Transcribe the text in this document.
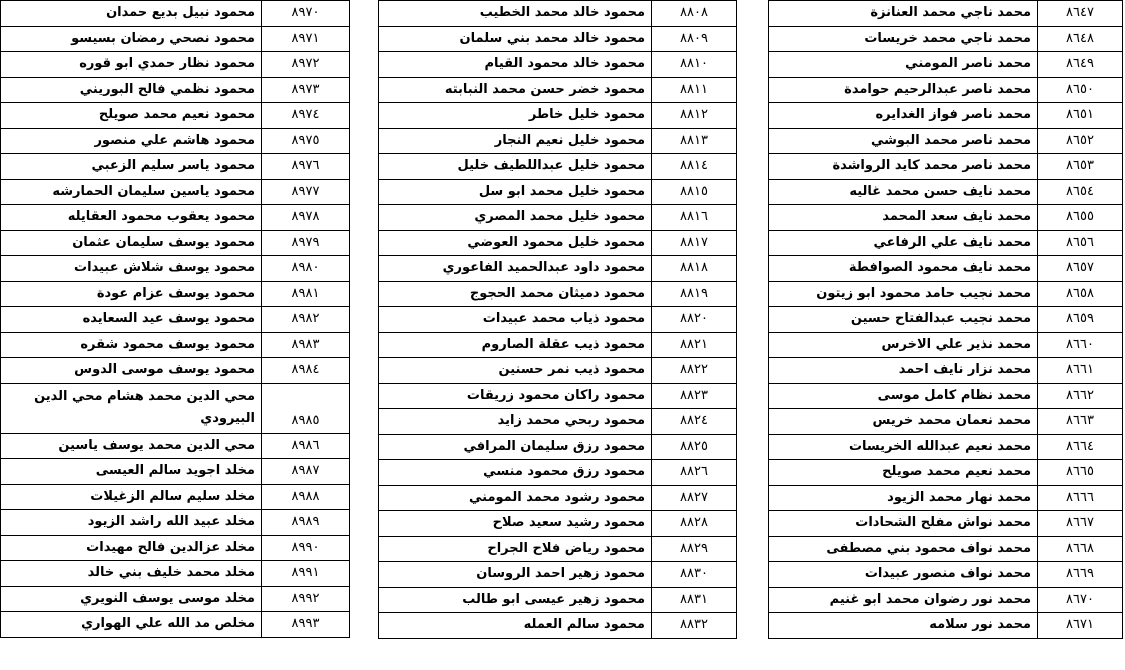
٨٦٤٧	محمد ناجي محمد العنانزة
٨٦٤٨	محمد ناجي محمد خريسات
٨٦٤٩	محمد ناصر المومني
٨٦٥٠	محمد ناصر عبدالرحيم حوامدة
٨٦٥١	محمد ناصر فواز الغدايره
٨٦٥٢	محمد ناصر محمد البوشي
٨٦٥٣	محمد ناصر محمد كايد الرواشدة
٨٦٥٤	محمد نايف حسن محمد غاليه
٨٦٥٥	محمد نايف سعد المحمد
٨٦٥٦	محمد نايف علي الرفاعي
٨٦٥٧	محمد نايف محمود الصوافطة
٨٦٥٨	محمد نجيب حامد محمود ابو زيتون
٨٦٥٩	محمد نجيب عبدالفتاح حسين
٨٦٦٠	محمد نذير علي الاخرس
٨٦٦١	محمد نزار نايف احمد
٨٦٦٢	محمد نظام كامل موسى
٨٦٦٣	محمد نعمان محمد خريس
٨٦٦٤	محمد نعيم عبدالله الخريسات
٨٦٦٥	محمد نعيم محمد صويلح
٨٦٦٦	محمد نهار محمد الزيود
٨٦٦٧	محمد نواش مفلح الشحادات
٨٦٦٨	محمد نواف محمود بني مصطفى
٨٦٦٩	محمد نواف منصور عبيدات
٨٦٧٠	محمد نور رضوان محمد ابو غنيم
٨٦٧١	محمد نور سلامه
٨٨٠٨	محمود خالد محمد الخطيب
٨٨٠٩	محمود خالد محمد بني سلمان
٨٨١٠	محمود خالد محمود القيام
٨٨١١	محمود خضر حسن محمد النبابته
٨٨١٢	محمود خليل خاطر
٨٨١٣	محمود خليل نعيم النجار
٨٨١٤	محمود خليل عبداللطيف خليل
٨٨١٥	محمود خليل محمد ابو سل
٨٨١٦	محمود خليل محمد المصري
٨٨١٧	محمود خليل محمود العوضي
٨٨١٨	محمود داود عبدالحميد الفاعوري
٨٨١٩	محمود دميثان محمد الحجوج
٨٨٢٠	محمود ذياب محمد عبيدات
٨٨٢١	محمود ذيب عقلة الصاروم
٨٨٢٢	محمود ذيب نمر حسنين
٨٨٢٣	محمود راكان محمود زريقات
٨٨٢٤	محمود ربحي محمد زايد
٨٨٢٥	محمود رزق سليمان المرافي
٨٨٢٦	محمود رزق محمود منسي
٨٨٢٧	محمود رشود محمد المومني
٨٨٢٨	محمود رشيد سعيد صلاح
٨٨٢٩	محمود رياض فلاح الجراح
٨٨٣٠	محمود زهير احمد الروسان
٨٨٣١	محمود زهير عيسى ابو طالب
٨٨٣٢	محمود سالم العمله
٨٩٧٠	محمود نبيل بديع حمدان
٨٩٧١	محمود نصحي رمضان بسيسو
٨٩٧٢	محمود نظار حمدي ابو قوره
٨٩٧٣	محمود نظمي فالح البوريني
٨٩٧٤	محمود نعيم محمد صويلح
٨٩٧٥	محمود هاشم علي منصور
٨٩٧٦	محمود ياسر سليم الزعبي
٨٩٧٧	محمود ياسين سليمان الحمارشه
٨٩٧٨	محمود يعقوب محمود العقايله
٨٩٧٩	محمود يوسف سليمان عثمان
٨٩٨٠	محمود يوسف شلاش عبيدات
٨٩٨١	محمود يوسف عزام عودة
٨٩٨٢	محمود يوسف عيد السعايده
٨٩٨٣	محمود يوسف محمود شقره
٨٩٨٤	محمود يوسف موسى الدوس
٨٩٨٥	محي الدين محمد هشام محي الدين البيرودي
٨٩٨٦	محي الدين محمد يوسف ياسين
٨٩٨٧	مخلد اجويد سالم العيسى
٨٩٨٨	مخلد سليم سالم الزغيلات
٨٩٨٩	مخلد عبيد الله راشد الزيود
٨٩٩٠	مخلد عزالدين فالح مهيدات
٨٩٩١	مخلد محمد خليف بني خالد
٨٩٩٢	مخلد موسى يوسف النويري
٨٩٩٣	مخلص مد الله علي الهواري
